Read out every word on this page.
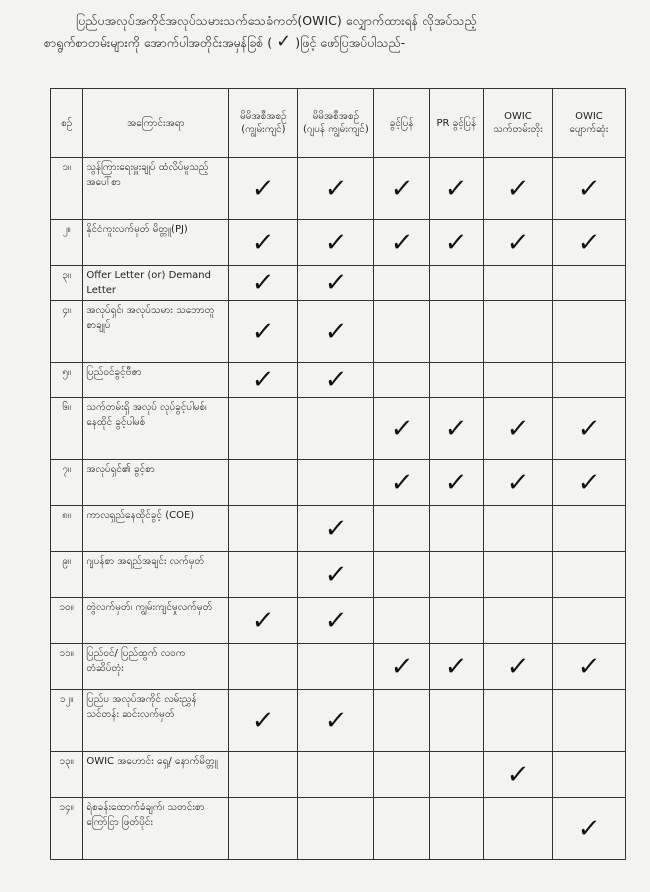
ပြည်ပအလုပ်အကိုင်အလုပ်သမားသက်သေခံကတ်(OWIC) လျှောက်ထားရန် လိုအပ်သည့်
စာရွက်စာတမ်းများကို အောက်ပါအတိုင်းအမှန်ခြစ် ( ✓ )ဖြင့် ဖော်ပြအပ်ပါသည်-
စဉ်	အကြောင်းအရာ	မိမိအစီအစဉ် (ကျွမ်းကျင်)	မိမိအစီအစဉ် (ဂျပန် ကျွမ်းကျင်)	ခွင့်ပြန်	PR ခွင့်ပြန်	OWIC သက်တမ်းတိုး	OWIC ပျောက်ဆုံး
၁။	သွန်ကြားရေးမှူးချုပ် ထံလိပ်မူသည့် အပေါ်စာ	✓	✓	✓	✓	✓	✓
၂။	နိုင်ငံကူးလက်မှတ် မိတ္တူ(PJ)	✓	✓	✓	✓	✓	✓
၃။	Offer Letter (or) Demand Letter	✓	✓				
၄။	အလုပ်ရှင်၊ အလုပ်သမား သဘောတူ စာချုပ်	✓	✓				
၅။	ပြည်ဝင်ခွင့်ဗီဇာ	✓	✓				
၆။	သက်တမ်းရှိ အလုပ် လုပ်ခွင့်ပါမစ်၊ နေထိုင် ခွင့်ပါမစ်			✓	✓	✓	✓
၇။	အလုပ်ရှင်၏ ခွင့်စာ			✓	✓	✓	✓
၈။	ကာလရှည်နေထိုင်ခွင့် (COE)		✓				
၉။	ဂျပန်စာ အရည်အချင်း လက်မှတ်		✓				
၁၀။	တွဲလက်မှတ်၊ ကျွမ်းကျင်မှုလက်မှတ်	✓	✓				
၁၁။	ပြည်ဝင်/ ပြည်ထွက် လဝက တံဆိပ်တုံး			✓	✓	✓	✓
၁၂။	ပြည်ပ အလုပ်အကိုင် လမ်းညွှန် သင်တန်း ဆင်းလက်မှတ်	✓	✓				
၁၃။	OWIC အဟောင်း ရှေ့/ နောက်မိတ္တူ					✓	
၁၄။	ရဲစခန်းထောက်ခံချက်၊ သတင်းစာ ကြော်ငြာ ဖြတ်ပိုင်း						✓
